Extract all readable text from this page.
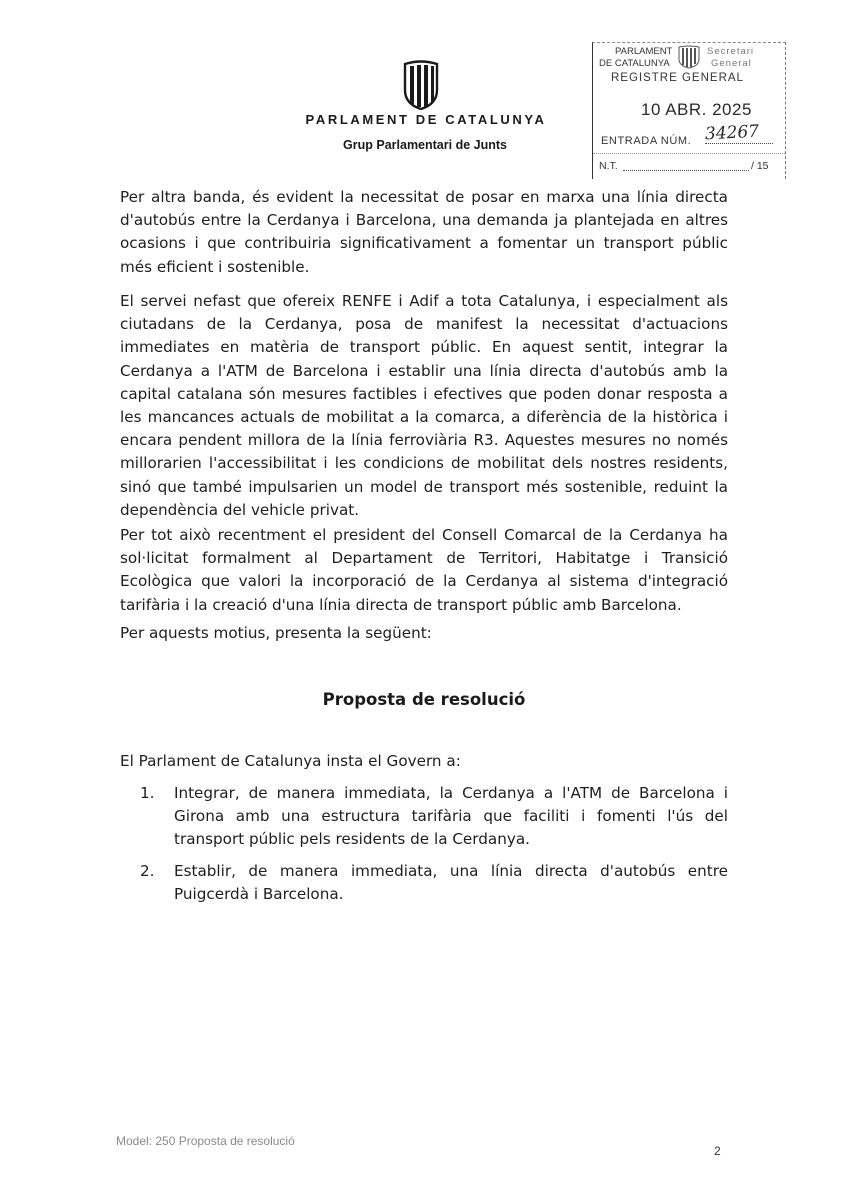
PARLAMENT DE CATALUNYA
Grup Parlamentari de Junts
PARLAMENT
DE CATALUNYA
Secretari
General
REGISTRE GENERAL
10 ABR. 2025
ENTRADA NÚM. 34267
N.T.	/ 15

Per altra banda, és evident la necessitat de posar en marxa una línia directa d'autobús entre la Cerdanya i Barcelona, una demanda ja plantejada en altres ocasions i que contribuiria significativament a fomentar un transport públic més eficient i sostenible.

El servei nefast que ofereix RENFE i Adif a tota Catalunya, i especialment als ciutadans de la Cerdanya, posa de manifest la necessitat d'actuacions immediates en matèria de transport públic. En aquest sentit, integrar la Cerdanya a l'ATM de Barcelona i establir una línia directa d'autobús amb la capital catalana són mesures factibles i efectives que poden donar resposta a les mancances actuals de mobilitat a la comarca, a diferència de la històrica i encara pendent millora de la línia ferroviària R3. Aquestes mesures no només millorarien l'accessibilitat i les condicions de mobilitat dels nostres residents, sinó que també impulsarien un model de transport més sostenible, reduint la dependència del vehicle privat.

Per tot això recentment el president del Consell Comarcal de la Cerdanya ha sol·licitat formalment al Departament de Territori, Habitatge i Transició Ecològica que valori la incorporació de la Cerdanya al sistema d'integració tarifària i la creació d'una línia directa de transport públic amb Barcelona.

Per aquests motius, presenta la següent:

Proposta de resolució

El Parlament de Catalunya insta el Govern a:

1. Integrar, de manera immediata, la Cerdanya a l'ATM de Barcelona i Girona amb una estructura tarifària que faciliti i fomenti l'ús del transport públic pels residents de la Cerdanya.

2. Establir, de manera immediata, una línia directa d'autobús entre Puigcerdà i Barcelona.

Model: 250 Proposta de resolució
2
